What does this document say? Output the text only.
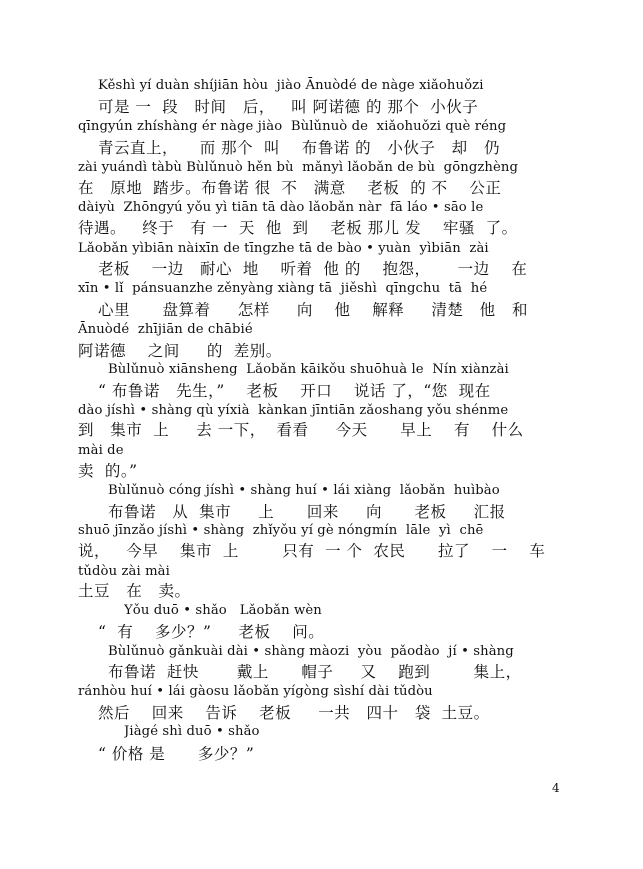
Kěshì yí duàn shíjiān hòu  jiào Ānuòdé de nàge xiǎohuǒzi
可是 一  段   时间   后，   叫 阿诺德 的 那个  小伙子
qīngyún zhíshàng ér nàge jiào  Bùlǔnuò de  xiǎohuǒzi què réng
青云直上，    而 那个  叫    布鲁诺 的   小伙子   却   仍
zài yuándì tàbù Bùlǔnuò hěn bù  mǎnyì lǎobǎn de bù  gōngzhèng
在   原地  踏步。布鲁诺 很  不   满意    老板  的 不    公正
dàiyù  Zhōngyú yǒu yì tiān tā dào lǎobǎn nàr  fā láo • sāo le
待遇。   终于   有 一  天  他  到    老板 那儿 发    牢骚  了。
Lǎobǎn yìbiān nàixīn de tīngzhe tā de bào • yuàn  yìbiān  zài
老板    一边   耐心  地    听着  他 的    抱怨，     一边    在
xīn • lǐ  pánsuanzhe zěnyàng xiàng tā  jiěshì  qīngchu  tā  hé
心里      盘算着     怎样     向    他    解释     清楚   他   和
Ānuòdé  zhījiān de chābié
阿诺德    之间     的  差别。
Bùlǔnuò xiānsheng  Lǎobǎn kāikǒu shuōhuà le  Nín xiànzài
“ 布鲁诺   先生，”    老板    开口    说话 了，“您  现在
dào jíshì • shàng qù yíxià  kànkan jīntiān zǎoshang yǒu shénme
到   集市  上     去 一下，  看看     今天      早上    有    什么
mài de
卖  的。”
Bùlǔnuò cóng jíshì • shàng huí • lái xiàng  lǎobǎn  huìbào
布鲁诺   从  集市     上      回来     向      老板     汇报
shuō jīnzǎo jíshì • shàng  zhǐyǒu yí gè nóngmín  lāle  yì  chē
说，   今早    集市  上        只有  一 个  农民      拉了    一    车
tǔdòu zài mài
土豆   在   卖。
Yǒu duō • shǎo   Lǎobǎn wèn
“  有    多少？”     老板    问。
Bùlǔnuò gǎnkuài dài • shàng màozi  yòu  pǎodào  jí • shàng
布鲁诺  赶快       戴上      帽子     又    跑到        集上，
ránhòu huí • lái gàosu lǎobǎn yígòng sìshí dài tǔdòu
然后    回来    告诉    老板     一共   四十   袋  土豆。
Jiàgé shì duō • shǎo
“ 价格 是      多少？”
4
